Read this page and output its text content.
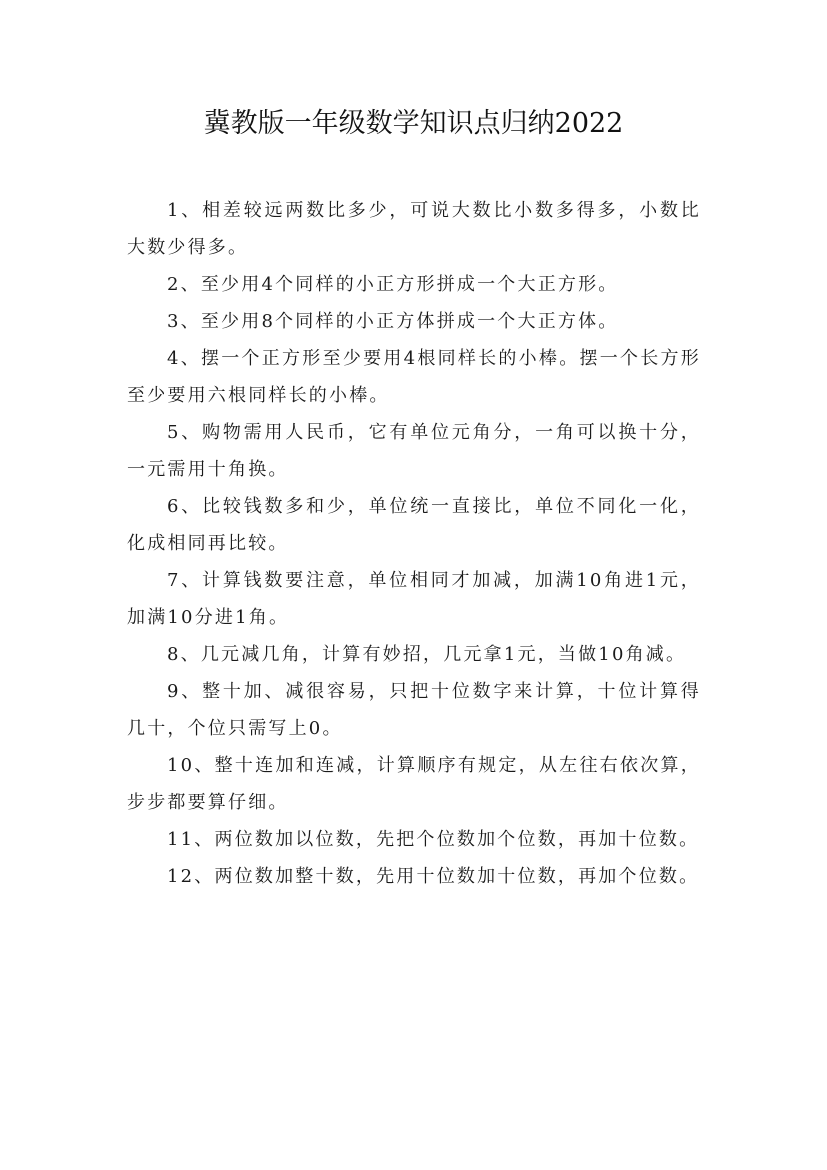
冀教版一年级数学知识点归纳2022

1、相差较远两数比多少，可说大数比小数多得多，小数比大数少得多。

2、至少用4个同样的小正方形拼成一个大正方形。

3、至少用8个同样的小正方体拼成一个大正方体。

4、摆一个正方形至少要用4根同样长的小棒。摆一个长方形至少要用六根同样长的小棒。

5、购物需用人民币，它有单位元角分，一角可以换十分，一元需用十角换。

6、比较钱数多和少，单位统一直接比，单位不同化一化，化成相同再比较。

7、计算钱数要注意，单位相同才加减，加满10角进1元，加满10分进1角。

8、几元减几角，计算有妙招，几元拿1元，当做10角减。

9、整十加、减很容易，只把十位数字来计算，十位计算得几十，个位只需写上0。

10、整十连加和连减，计算顺序有规定，从左往右依次算，步步都要算仔细。

11、两位数加以位数，先把个位数加个位数，再加十位数。

12、两位数加整十数，先用十位数加十位数，再加个位数。
